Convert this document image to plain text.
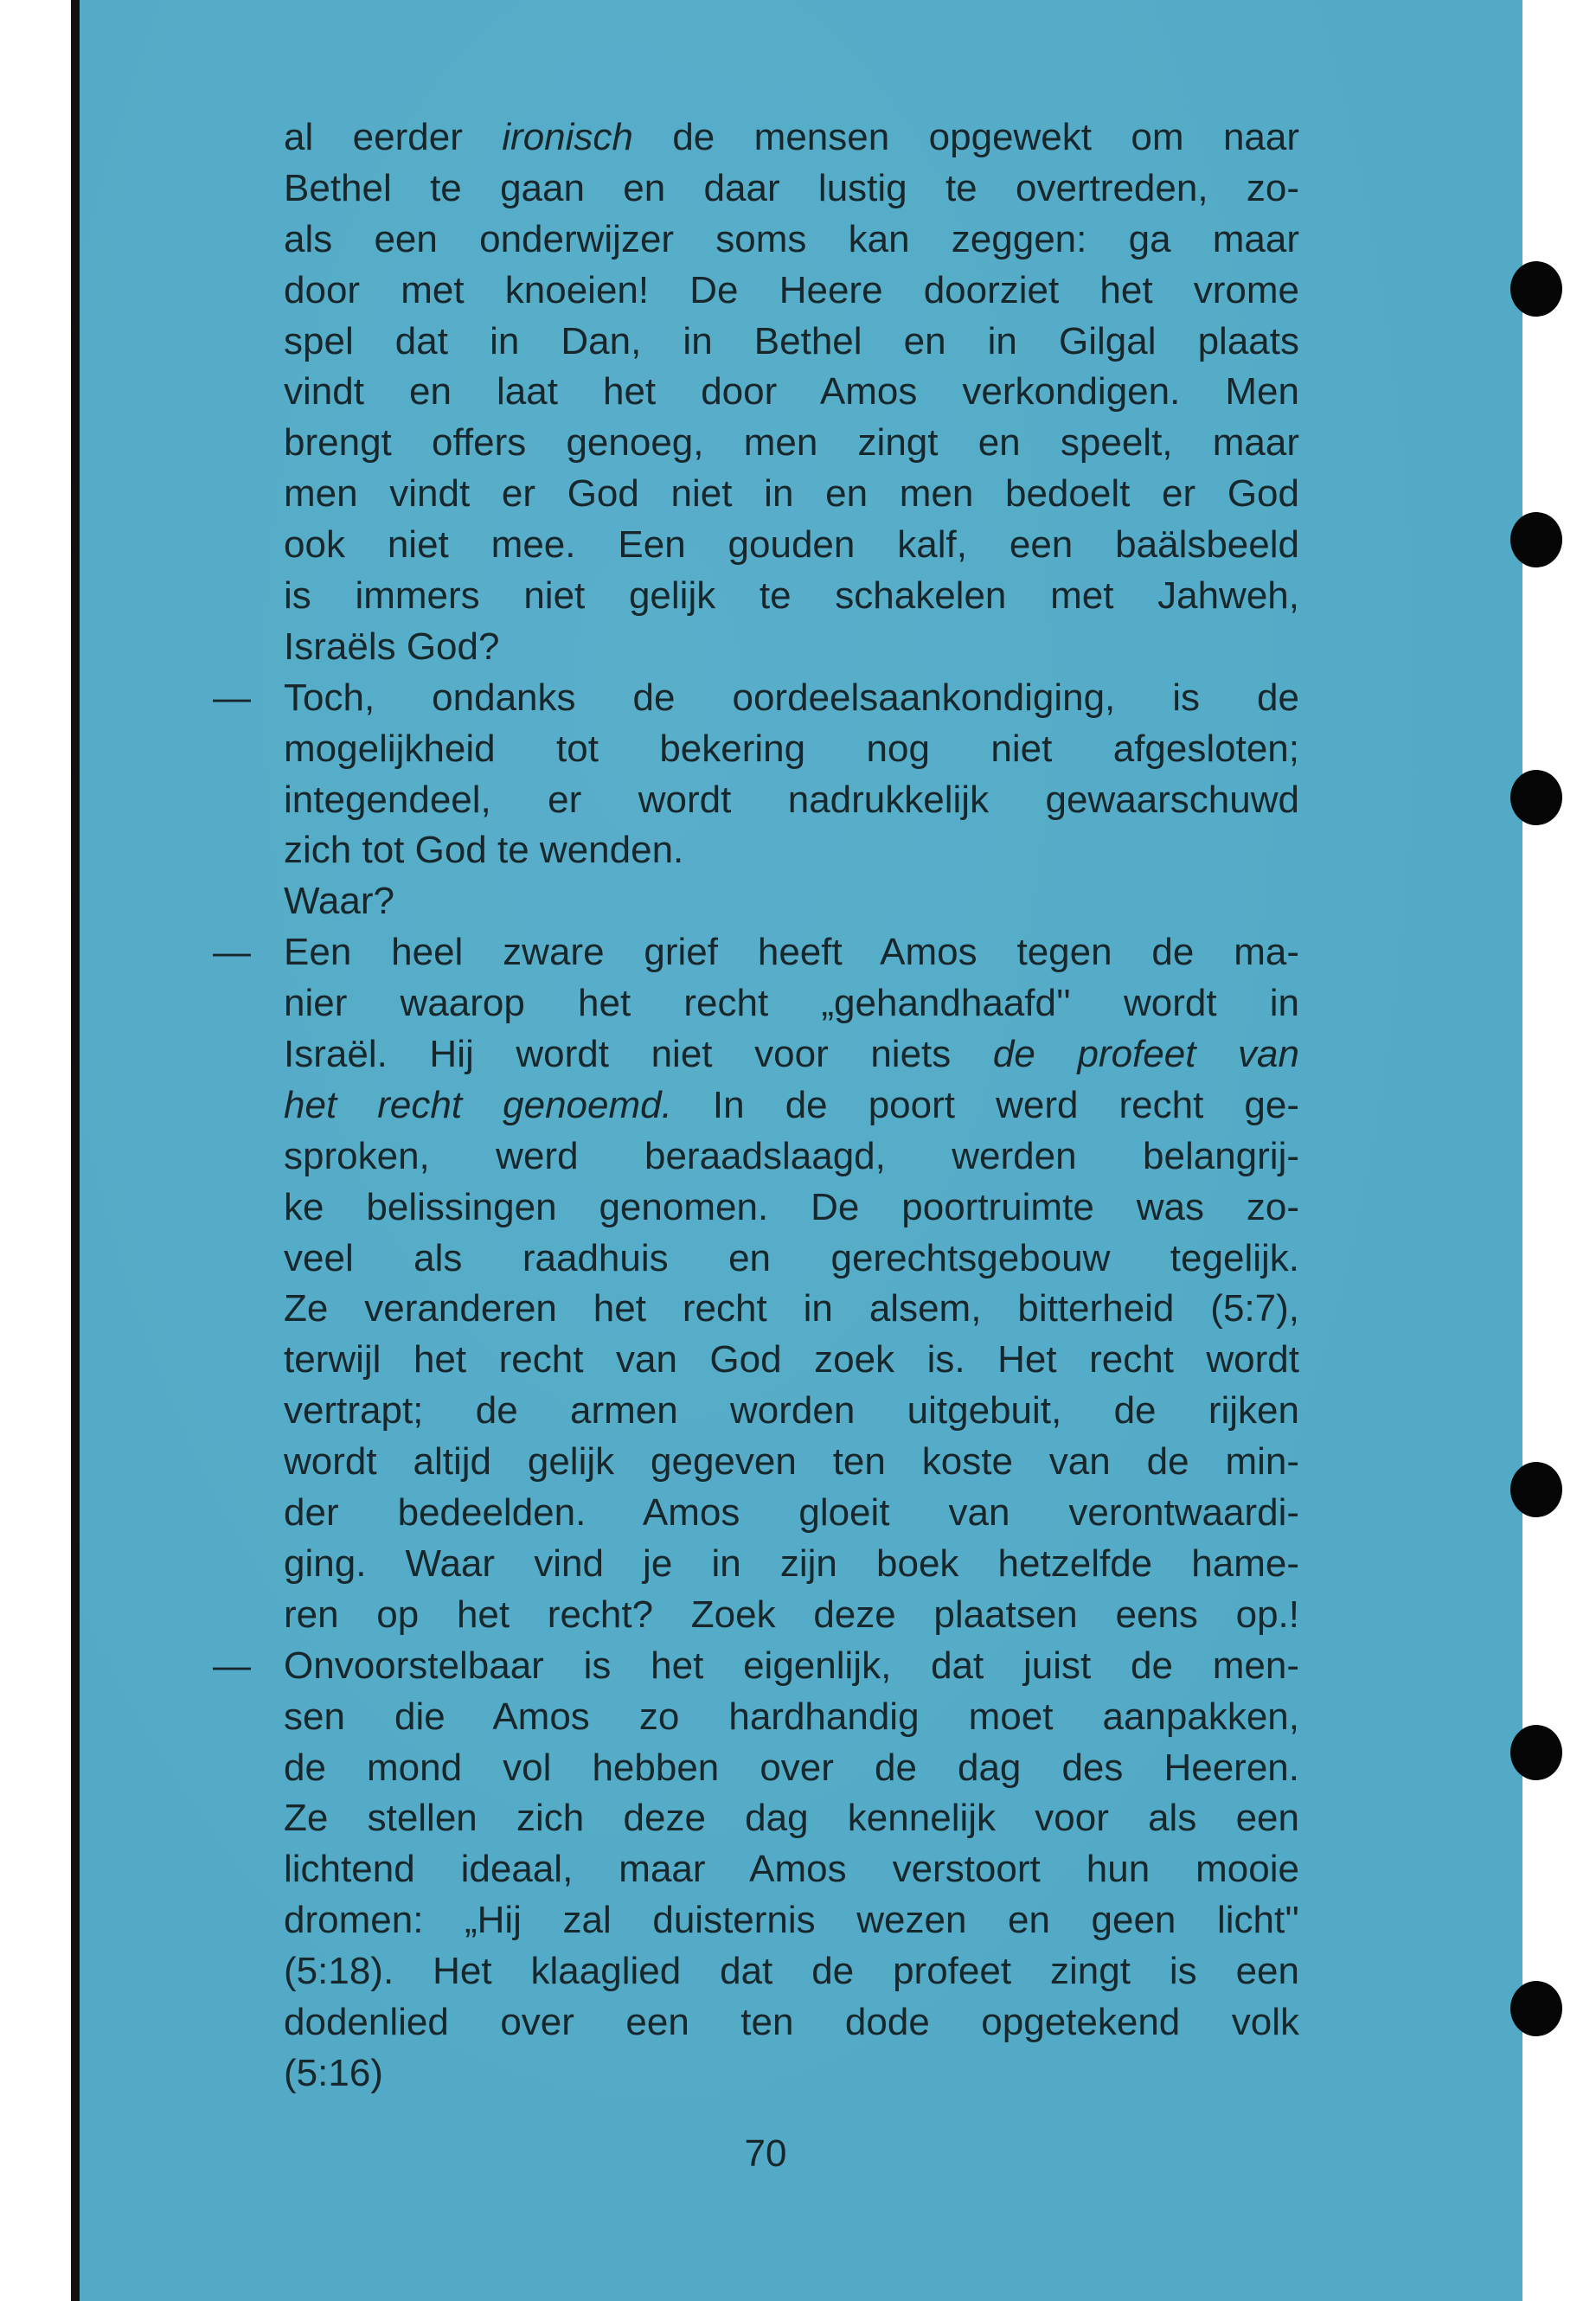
al eerder ironisch de mensen opgewekt om naar
Bethel te gaan en daar lustig te overtreden, zo-
als een onderwijzer soms kan zeggen: ga maar
door met knoeien! De Heere doorziet het vrome
spel dat in Dan, in Bethel en in Gilgal plaats
vindt en laat het door Amos verkondigen. Men
brengt offers genoeg, men zingt en speelt, maar
men vindt er God niet in en men bedoelt er God
ook niet mee. Een gouden kalf, een baälsbeeld
is immers niet gelijk te schakelen met Jahweh,
Israëls God?
— Toch, ondanks de oordeelsaankondiging, is de
mogelijkheid tot bekering nog niet afgesloten;
integendeel, er wordt nadrukkelijk gewaarschuwd
zich tot God te wenden.
Waar?
— Een heel zware grief heeft Amos tegen de ma-
nier waarop het recht „gehandhaafd'' wordt in
Israël. Hij wordt niet voor niets de profeet van
het recht genoemd. In de poort werd recht ge-
sproken, werd beraadslaagd, werden belangrij-
ke belissingen genomen. De poortruimte was zo-
veel als raadhuis en gerechtsgebouw tegelijk.
Ze veranderen het recht in alsem, bitterheid (5:7),
terwijl het recht van God zoek is. Het recht wordt
vertrapt; de armen worden uitgebuit, de rijken
wordt altijd gelijk gegeven ten koste van de min-
der bedeelden. Amos gloeit van verontwaardi-
ging. Waar vind je in zijn boek hetzelfde hame-
ren op het recht? Zoek deze plaatsen eens op.!
— Onvoorstelbaar is het eigenlijk, dat juist de men-
sen die Amos zo hardhandig moet aanpakken,
de mond vol hebben over de dag des Heeren.
Ze stellen zich deze dag kennelijk voor als een
lichtend ideaal, maar Amos verstoort hun mooie
dromen: „Hij zal duisternis wezen en geen licht''
(5:18). Het klaaglied dat de profeet zingt is een
dodenlied over een ten dode opgetekend volk
(5:16)
70
